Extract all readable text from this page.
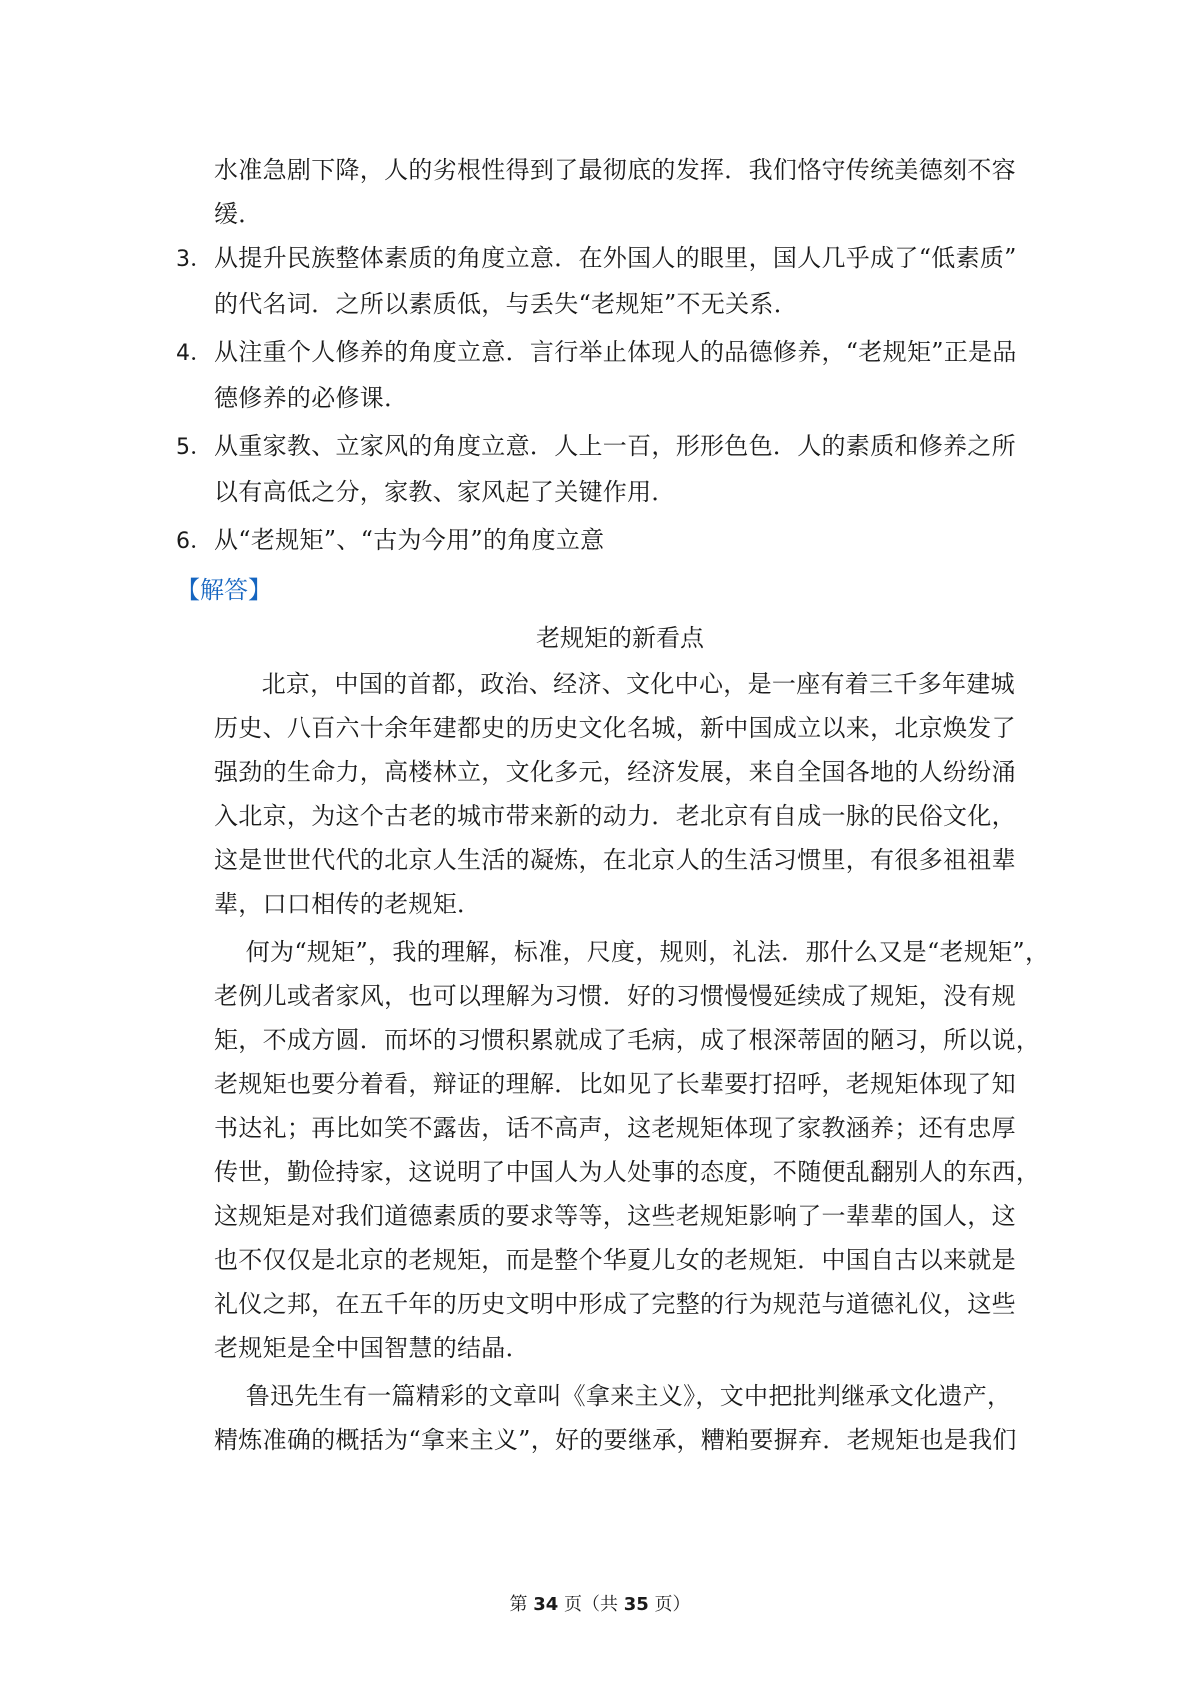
水准急剧下降，人的劣根性得到了最彻底的发挥．我们恪守传统美德刻不容
缓．
3．从提升民族整体素质的角度立意．在外国人的眼里，国人几乎成了“低素质”
的代名词．之所以素质低，与丢失“老规矩”不无关系．
4．从注重个人修养的角度立意．言行举止体现人的品德修养，“老规矩”正是品
德修养的必修课．
5．从重家教、立家风的角度立意．人上一百，形形色色．人的素质和修养之所
以有高低之分，家教、家风起了关键作用．
6．从“老规矩”、“古为今用”的角度立意
【解答】
老规矩的新看点
北京，中国的首都，政治、经济、文化中心，是一座有着三千多年建城
历史、八百六十余年建都史的历史文化名城，新中国成立以来，北京焕发了
强劲的生命力，高楼林立，文化多元，经济发展，来自全国各地的人纷纷涌
入北京，为这个古老的城市带来新的动力．老北京有自成一脉的民俗文化，
这是世世代代的北京人生活的凝炼，在北京人的生活习惯里，有很多祖祖辈
辈，口口相传的老规矩．
何为“规矩”，我的理解，标准，尺度，规则，礼法．那什么又是“老规矩”，
老例儿或者家风，也可以理解为习惯．好的习惯慢慢延续成了规矩，没有规
矩，不成方圆．而坏的习惯积累就成了毛病，成了根深蒂固的陋习，所以说，
老规矩也要分着看，辩证的理解．比如见了长辈要打招呼，老规矩体现了知
书达礼；再比如笑不露齿，话不高声，这老规矩体现了家教涵养；还有忠厚
传世，勤俭持家，这说明了中国人为人处事的态度，不随便乱翻别人的东西，
这规矩是对我们道德素质的要求等等，这些老规矩影响了一辈辈的国人，这
也不仅仅是北京的老规矩，而是整个华夏儿女的老规矩．中国自古以来就是
礼仪之邦，在五千年的历史文明中形成了完整的行为规范与道德礼仪，这些
老规矩是全中国智慧的结晶．
鲁迅先生有一篇精彩的文章叫《拿来主义》，文中把批判继承文化遗产，
精炼准确的概括为“拿来主义”，好的要继承，糟粕要摒弃．老规矩也是我们
第 34 页（共 35 页）
